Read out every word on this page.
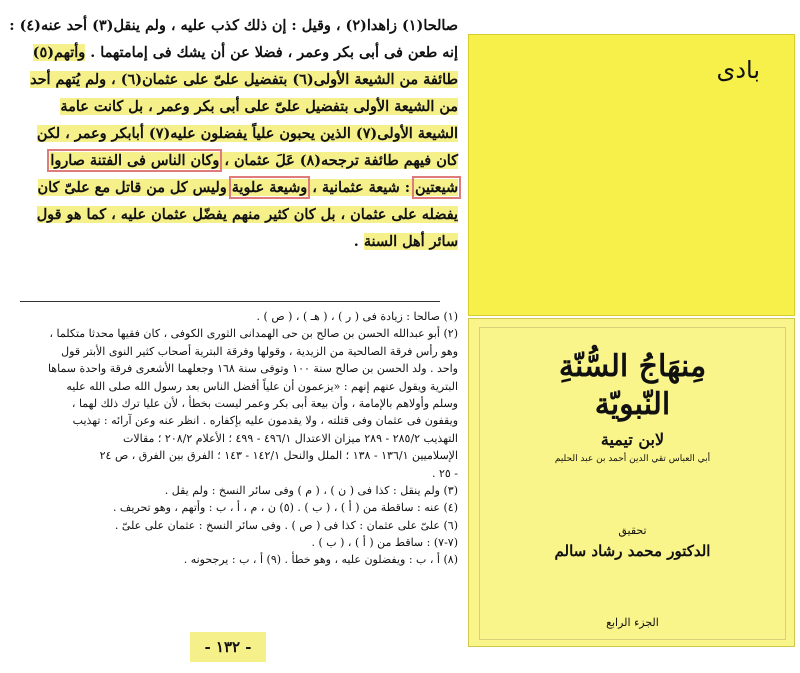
صالحا(١) زاهدا(٢) ، وقيل : إن ذلك كذب عليه ، ولم ينقل(٣) أحد عنه(٤) :
إنه طعن فى أبى بكر وعمر ، فضلا عن أن يشك فى إمامتهما . وأتهم(٥)
طائفة من الشيعة الأولى(٦) بتفضيل علىّ على عثمان(٦) ، ولم يُتهم أحد
من الشيعة الأولى بتفضيل علىّ على أبى بكر وعمر ، بل كانت عامة
الشيعة الأولى(٧) الذين يحبون علياً يفضلون عليه(٧) أبابكر وعمر ، لكن
كان فيهم طائفة ترجحه(٨) عَلَ عثمان ، وكان الناس فى الفتنة صاروا
شيعتين : شيعة عثمانية ، وشيعة علوية وليس كل من قاتل مع علىّ كان
يفضله على عثمان ، بل كان كثير منهم يفضّل عثمان عليه ، كما هو قول
سائر أهل السنة .
(١) صالحا : زيادة فى ( ر ) ، ( هـ ) ، ( ص ) .
(٢) أبو عبدالله الحسن بن صالح بن حى الهمدانى الثورى الكوفى ، كان فقيها محدثا متكلما ،
وهو رأس فرقة الصالحية من الزيدية ، وقولها وفرقة البترية أصحاب كثير النوى الأبتر قول
واحد . ولد الحسن بن صالح سنة ١٠٠ وتوفى سنة ١٦٨ وجعلهما الأشعرى فرقة واحدة سماها
البترية ويقول عنهم إنهم : «يزعمون أن علياً أفضل الناس بعد رسول الله صلى الله عليه
وسلم وأولاهم بالإمامة ، وأن بيعة أبى بكر وعمر ليست بخطأ ، لأن عليا ترك ذلك لهما ،
ويقفون فى عثمان وفى قتلته ، ولا يقدمون عليه بإكفاره . انظر عنه وعن آرائه : تهذيب
التهذيب ٢٨٥/٢ - ٢٨٩ ميزان الاعتدال ٤٩٦/١ - ٤٩٩ ؛ الأعلام ٢٠٨/٢ ؛ مقالات
الإسلاميين ١٣٦/١ - ١٣٨ ؛ الملل والنحل ١٤٢/١ - ١٤٣ ؛ الفرق بين الفرق ، ص ٢٤
- ٢٥ .
(٣) ولم ينقل : كذا فى ( ن ) ، ( م ) وفى سائر النسخ : ولم يقل .
(٤) عنه : ساقطة من ( أ ) ، ( ب ) . (٥) ن ، م ، أ ، ب : وأتهم ، وهو تحريف .
(٦) علىّ على عثمان : كذا فى ( ص ) . وفى سائر النسخ : عثمان على علىّ .
(٧-٧) : ساقط من ( أ ) ، ( ب ) .
(٨) أ ، ب : ويفضلون عليه ، وهو خطأ . (٩) أ ، ب : يرجحونه .
- ١٣٢ -
بادى
مِنهَاجُ السُّنّةِ
النّبويّة
لابن تيمية
أبي العباس تقي الدين أحمد بن عبد الحليم
تحقيق
الدكتور محمد رشاد سالم
الجزء الرابع
